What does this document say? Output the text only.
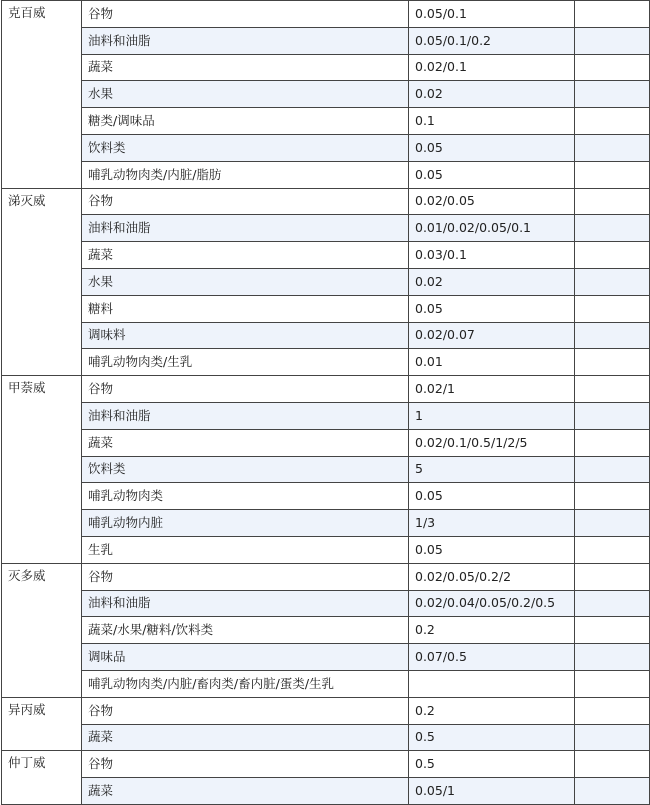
克百威	谷物	0.05/0.1	
	油料和油脂	0.05/0.1/0.2	
	蔬菜	0.02/0.1	
	水果	0.02	
	糖类/调味品	0.1	
	饮料类	0.05	
	哺乳动物肉类/内脏/脂肪	0.05	
涕灭威	谷物	0.02/0.05	
	油料和油脂	0.01/0.02/0.05/0.1	
	蔬菜	0.03/0.1	
	水果	0.02	
	糖料	0.05	
	调味料	0.02/0.07	
	哺乳动物肉类/生乳	0.01	
甲萘威	谷物	0.02/1	
	油料和油脂	1	
	蔬菜	0.02/0.1/0.5/1/2/5	
	饮料类	5	
	哺乳动物肉类	0.05	
	哺乳动物内脏	1/3	
	生乳	0.05	
灭多威	谷物	0.02/0.05/0.2/2	
	油料和油脂	0.02/0.04/0.05/0.2/0.5	
	蔬菜/水果/糖料/饮料类	0.2	
	调味品	0.07/0.5	
	哺乳动物肉类/内脏/畜肉类/畜内脏/蛋类/生乳		
异丙威	谷物	0.2	
	蔬菜	0.5	
仲丁威	谷物	0.5	
	蔬菜	0.05/1	
